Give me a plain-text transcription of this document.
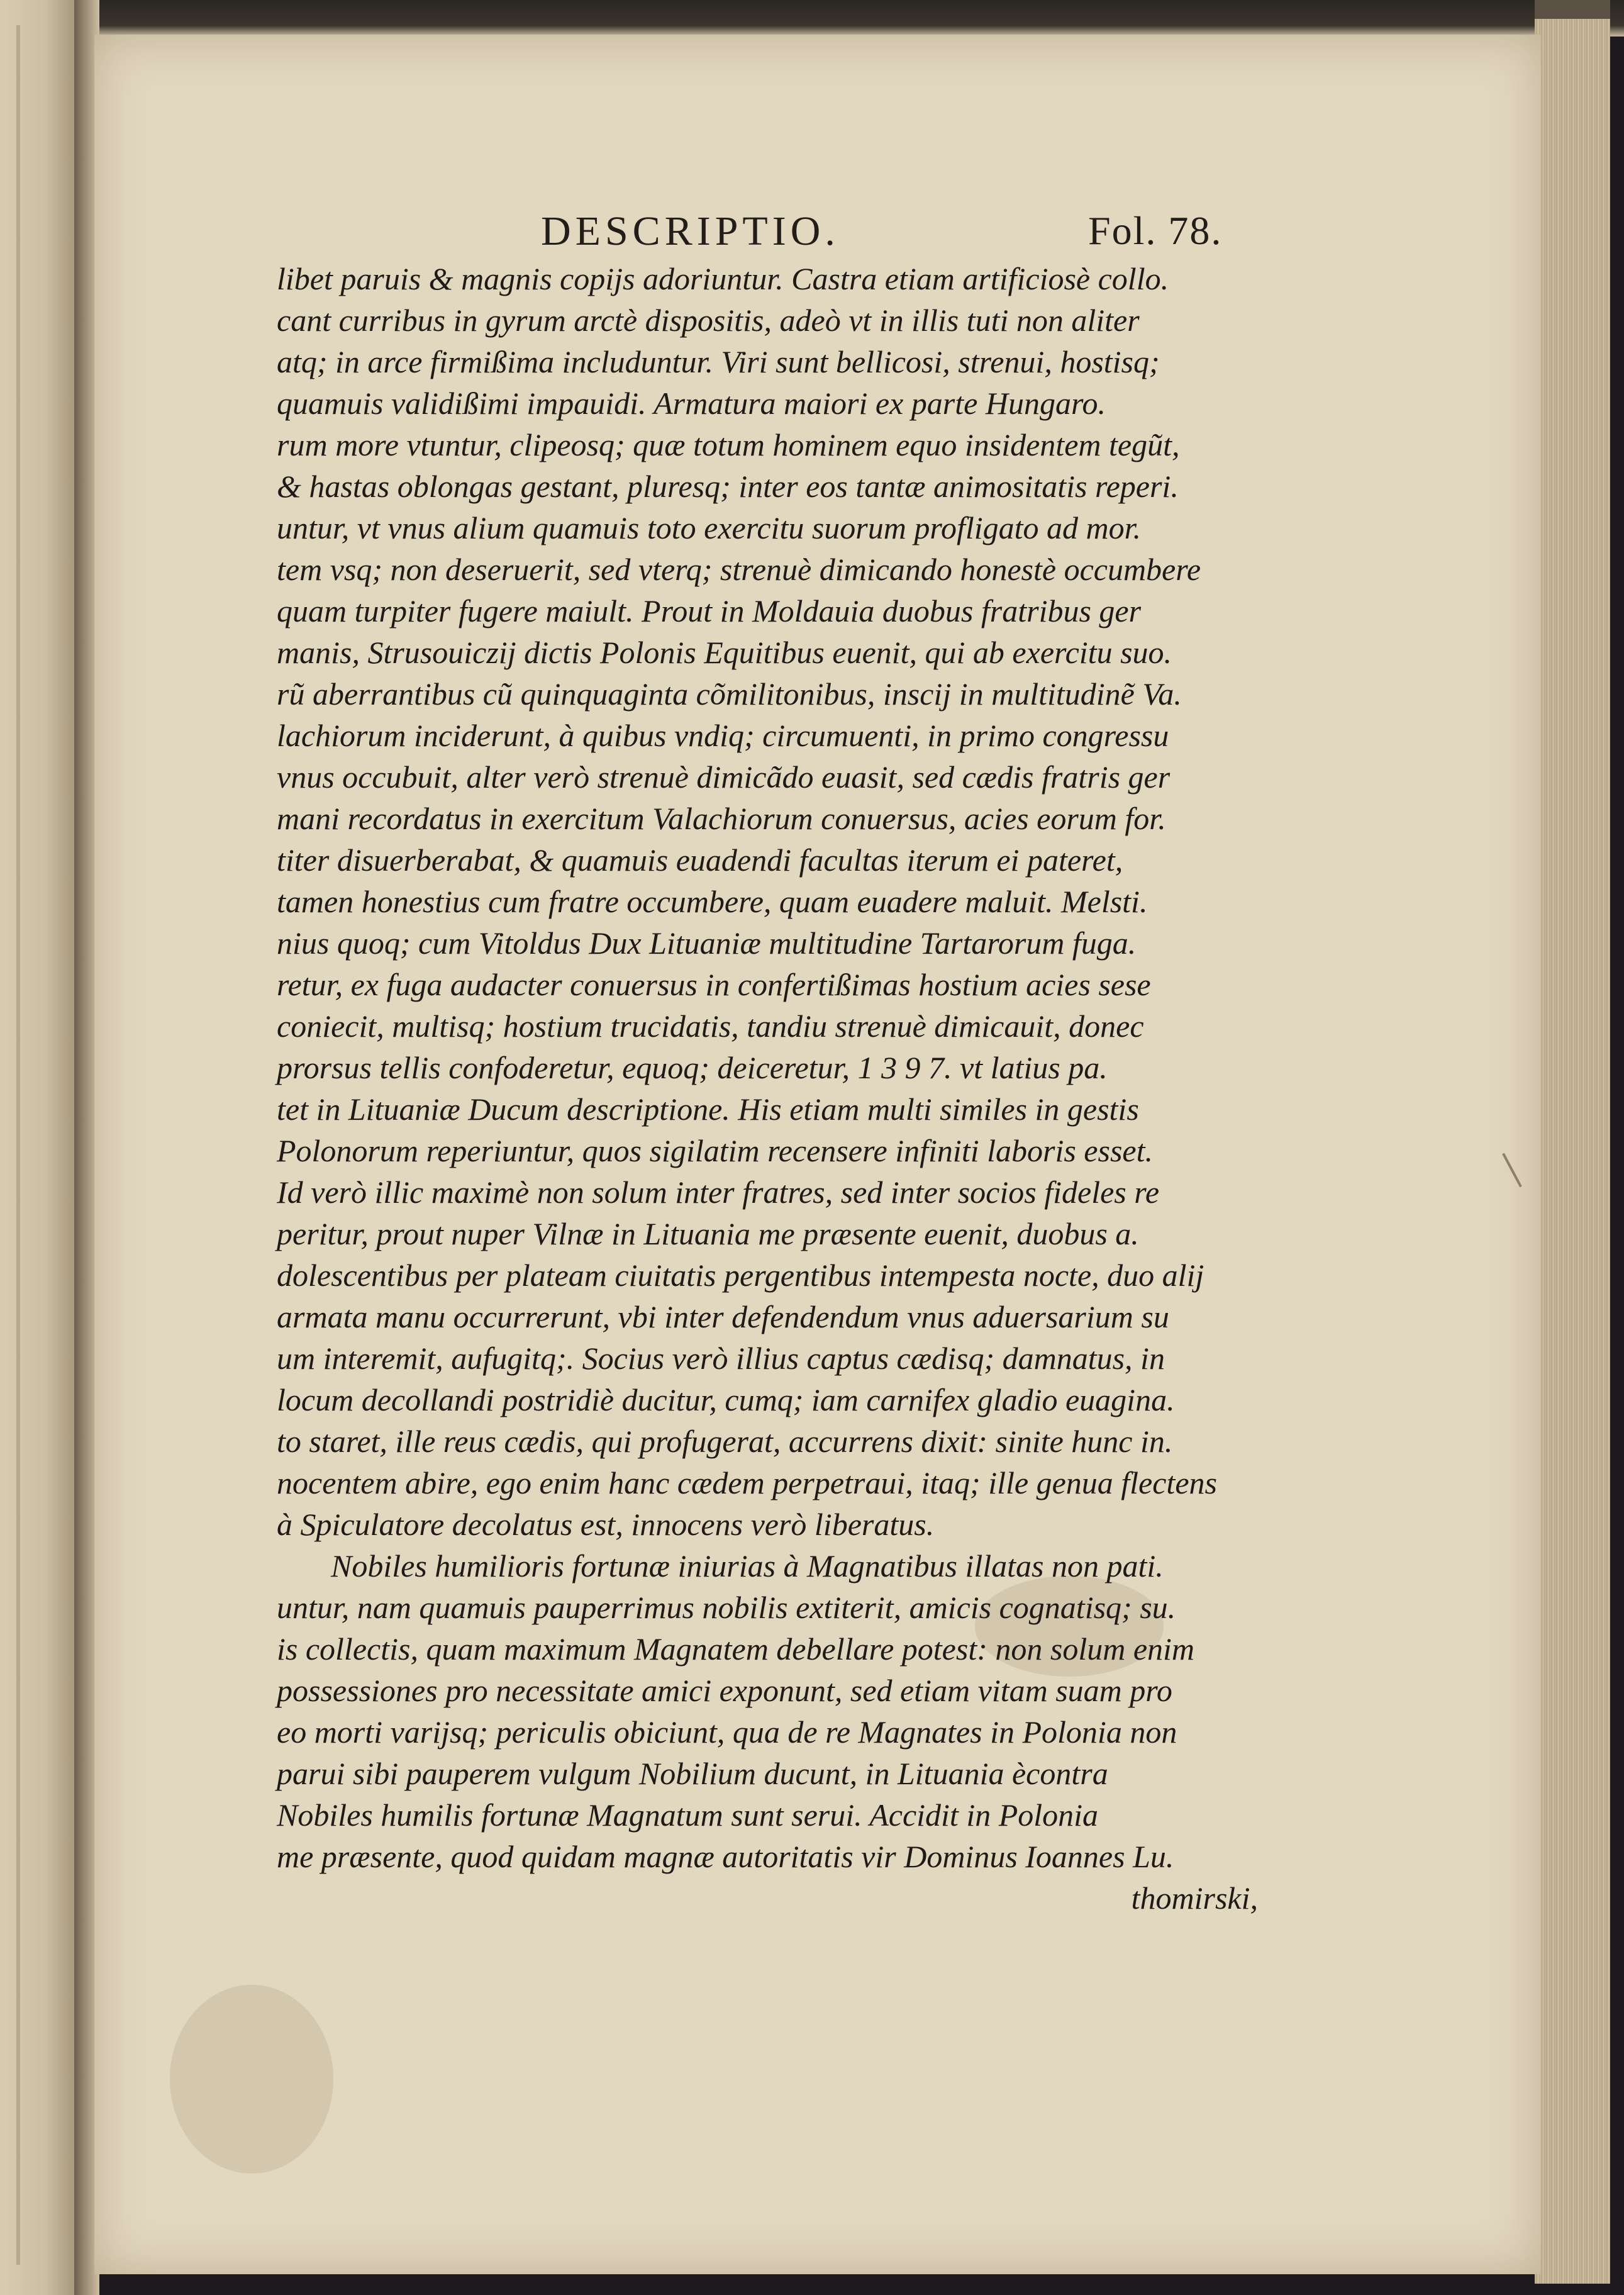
DESCRIPTIO.	Fol. 78.
libet paruis & magnis copijs adoriuntur. Castra etiam artificiosè collo.
cant curribus in gyrum arctè dispositis, adeò vt in illis tuti non aliter
atq; in arce firmißima includuntur. Viri sunt bellicosi, strenui, hostisq;
quamuis validißimi impauidi. Armatura maiori ex parte Hungaro.
rum more vtuntur, clipeosq; quæ totum hominem equo insidentem tegũt,
& hastas oblongas gestant, pluresq; inter eos tantæ animositatis reperi.
untur, vt vnus alium quamuis toto exercitu suorum profligato ad mor.
tem vsq; non deseruerit, sed vterq; strenuè dimicando honestè occumbere
quam turpiter fugere maiult. Prout in Moldauia duobus fratribus ger
manis, Strusouiczij dictis Polonis Equitibus euenit, qui ab exercitu suo.
rũ aberrantibus cũ quinquaginta cõmilitonibus, inscij in multitudinẽ Va.
lachiorum inciderunt, à quibus vndiq; circumuenti, in primo congressu
vnus occubuit, alter verò strenuè dimicãdo euasit, sed cædis fratris ger
mani recordatus in exercitum Valachiorum conuersus, acies eorum for.
titer disuerberabat, & quamuis euadendi facultas iterum ei pateret,
tamen honestius cum fratre occumbere, quam euadere maluit. Melsti.
nius quoq; cum Vitoldus Dux Lituaniæ multitudine Tartarorum fuga.
retur, ex fuga audacter conuersus in confertißimas hostium acies sese
coniecit, multisq; hostium trucidatis, tandiu strenuè dimicauit, donec
prorsus tellis confoderetur, equoq; deiceretur, 1 3 9 7. vt latius pa.
tet in Lituaniæ Ducum descriptione. His etiam multi similes in gestis
Polonorum reperiuntur, quos sigilatim recensere infiniti laboris esset.
Id verò illic maximè non solum inter fratres, sed inter socios fideles re
peritur, prout nuper Vilnæ in Lituania me præsente euenit, duobus a.
dolescentibus per plateam ciuitatis pergentibus intempesta nocte, duo alij
armata manu occurrerunt, vbi inter defendendum vnus aduersarium su
um interemit, aufugitq;. Socius verò illius captus cædisq; damnatus, in
locum decollandi postridiè ducitur, cumq; iam carnifex gladio euagina.
to staret, ille reus cædis, qui profugerat, accurrens dixit: sinite hunc in.
nocentem abire, ego enim hanc cædem perpetraui, itaq; ille genua flectens
à Spiculatore decolatus est, innocens verò liberatus.
Nobiles humilioris fortunæ iniurias à Magnatibus illatas non pati.
untur, nam quamuis pauperrimus nobilis extiterit, amicis cognatisq; su.
is collectis, quam maximum Magnatem debellare potest: non solum enim
possessiones pro necessitate amici exponunt, sed etiam vitam suam pro
eo morti varijsq; periculis obiciunt, qua de re Magnates in Polonia non
parui sibi pauperem vulgum Nobilium ducunt, in Lituania ècontra
Nobiles humilis fortunæ Magnatum sunt serui. Accidit in Polonia
me præsente, quod quidam magnæ autoritatis vir Dominus Ioannes Lu.
thomirski,
